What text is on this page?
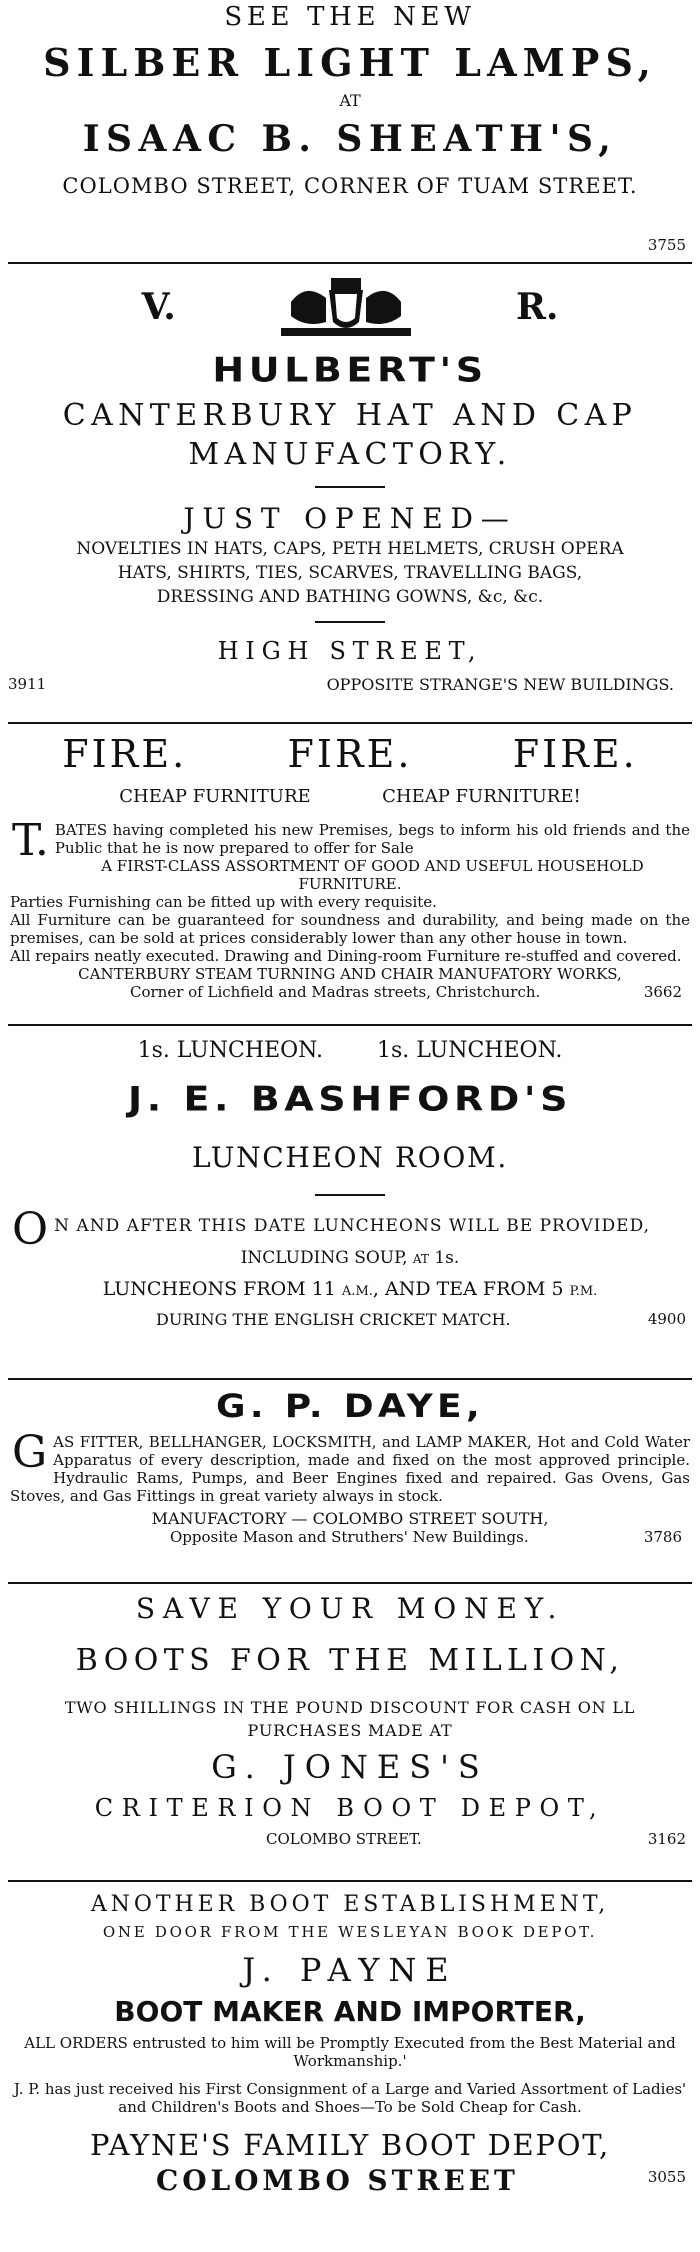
SEE THE NEW
SILBER LIGHT LAMPS,
AT
ISAAC B. SHEATH'S,
COLOMBO STREET, CORNER OF TUAM STREET.
3755
V.	R.
HULBERT'S
CANTERBURY HAT AND CAP
MANUFACTORY.
JUST OPENED—
NOVELTIES IN HATS, CAPS, PETH HELMETS, CRUSH OPERA
HATS, SHIRTS, TIES, SCARVES, TRAVELLING BAGS,
DRESSING AND BATHING GOWNS, &c, &c.
HIGH STREET,
3911	OPPOSITE STRANGE'S NEW BUILDINGS.
FIRE.	FIRE.	FIRE.
CHEAP FURNITURE	CHEAP FURNITURE!
T. BATES having completed his new Premises, begs to inform his old friends and the Public that he is now prepared to offer for Sale
A FIRST-CLASS ASSORTMENT OF GOOD AND USEFUL HOUSEHOLD FURNITURE.
Parties Furnishing can be fitted up with every requisite.
All Furniture can be guaranteed for soundness and durability, and being made on the premises, can be sold at prices considerably lower than any other house in town.
All repairs neatly executed. Drawing and Dining-room Furniture re-stuffed and covered.
CANTERBURY STEAM TURNING AND CHAIR MANUFATORY WORKS,
Corner of Lichfield and Madras streets, Christchurch.	3662
1s. LUNCHEON. 1s. LUNCHEON.
J. E. BASHFORD'S
LUNCHEON ROOM.
O N AND AFTER THIS DATE LUNCHEONS WILL BE PROVIDED,
INCLUDING SOUP, AT 1s.
LUNCHEONS FROM 11 A.M., AND TEA FROM 5 P.M.
DURING THE ENGLISH CRICKET MATCH.	4900
G. P. DAYE,
G AS FITTER, BELLHANGER, LOCKSMITH, and LAMP MAKER, Hot and Cold Water Apparatus of every description, made and fixed on the most approved principle. Hydraulic Rams, Pumps, and Beer Engines fixed and repaired. Gas Ovens, Gas Stoves, and Gas Fittings in great variety always in stock.
MANUFACTORY — COLOMBO STREET SOUTH,
Opposite Mason and Struthers' New Buildings.	3786
SAVE YOUR MONEY.
BOOTS FOR THE MILLION,
TWO SHILLINGS IN THE POUND DISCOUNT FOR CASH ON LL
PURCHASES MADE AT
G. JONES'S
CRITERION BOOT DEPOT,
COLOMBO STREET.	3162
ANOTHER BOOT ESTABLISHMENT,
ONE DOOR FROM THE WESLEYAN BOOK DEPOT.
J. PAYNE
BOOT MAKER AND IMPORTER,
ALL ORDERS entrusted to him will be Promptly Executed from the Best Material and Workmanship.'
J. P. has just received his First Consignment of a Large and Varied Assortment of Ladies' and Children's Boots and Shoes—To be Sold Cheap for Cash.
PAYNE'S FAMILY BOOT DEPOT,
COLOMBO STREET	3055
